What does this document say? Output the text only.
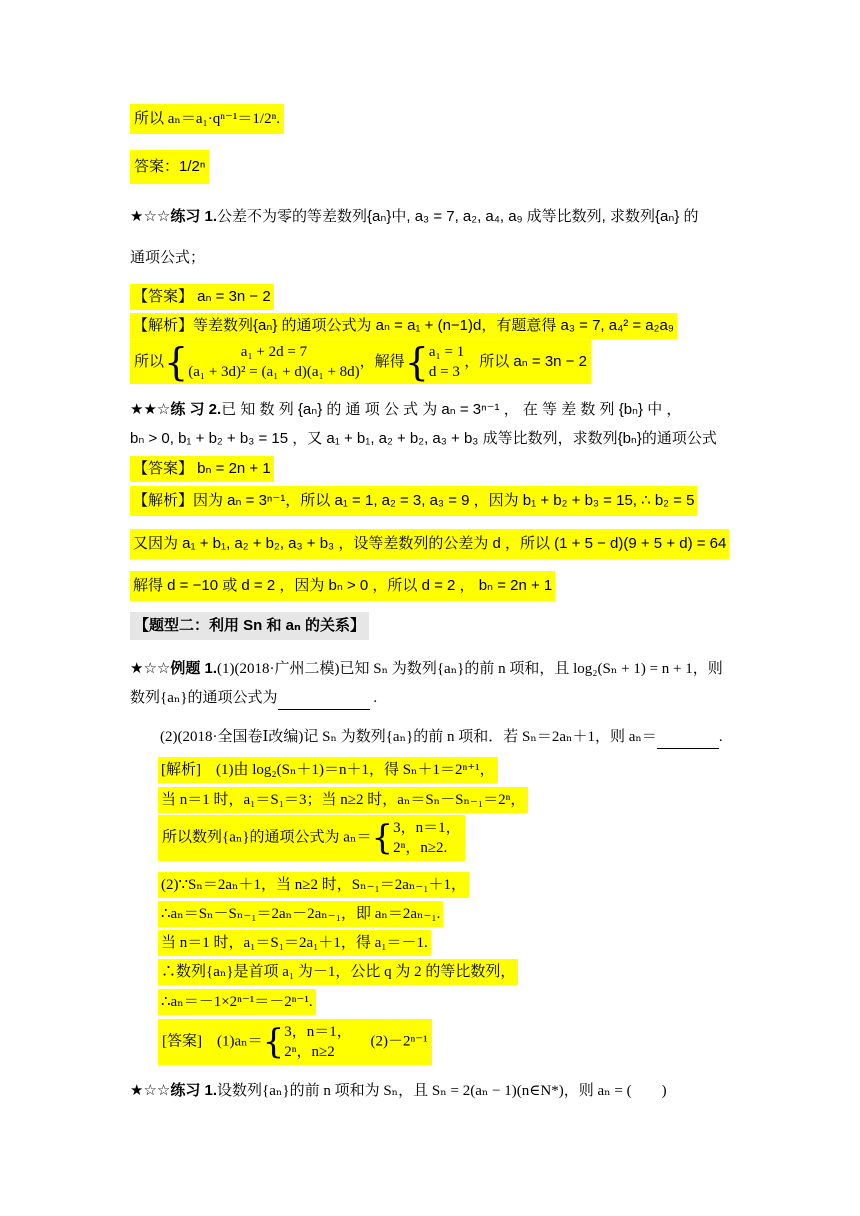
所以 aₙ＝a₁·qⁿ⁻¹＝1/2ⁿ.
答案：1/2ⁿ
★☆☆练习 1.公差不为零的等差数列{aₙ}中, a₃ = 7, a₂, a₄, a₉ 成等比数列, 求数列{aₙ} 的
通项公式；
【答案】 aₙ = 3n − 2
【解析】等差数列{aₙ} 的通项公式为 aₙ = a₁ + (n−1)d，有题意得 a₃ = 7, a₄² = a₂a₉
所以{	a₁ + 2d = 7
(a₁ + 3d)² = (a₁ + d)(a₁ + 8d)
，解得{ a₁ = 1
d = 3
，所以 aₙ = 3n − 2
★★☆练 习 2.已 知 数 列 {aₙ} 的 通 项 公 式 为 aₙ = 3ⁿ⁻¹ ， 在 等 差 数 列 {bₙ} 中 ，
bₙ > 0, b₁ + b₂ + b₃ = 15 ，又 a₁ + b₁, a₂ + b₂, a₃ + b₃ 成等比数列，求数列{bₙ}的通项公式
【答案】 bₙ = 2n + 1
【解析】因为 aₙ = 3ⁿ⁻¹，所以 a₁ = 1, a₂ = 3, a₃ = 9 ，因为 b₁ + b₂ + b₃ = 15, ∴ b₂ = 5
又因为 a₁ + b₁, a₂ + b₂, a₃ + b₃ ，设等差数列的公差为 d ，所以 (1 + 5 − d)(9 + 5 + d) = 64
解得 d = −10 或 d = 2 ，因为 bₙ > 0 ，所以 d = 2 ， bₙ = 2n + 1
【题型二：利用 Sn 和 aₙ 的关系】
★☆☆例题 1.(1)(2018·广州二模)已知 Sₙ 为数列{aₙ}的前 n 项和，且 log₂(Sₙ + 1) = n + 1，则
数列{aₙ}的通项公式为	.
(2)(2018·全国卷Ⅰ改编)记 Sₙ 为数列{aₙ}的前 n 项和．若 Sₙ＝2aₙ＋1，则 aₙ＝	.
[解析]　(1)由 log₂(Sₙ＋1)＝n＋1，得 Sₙ＋1＝2ⁿ⁺¹，
当 n＝1 时，a₁＝S₁＝3；当 n≥2 时，aₙ＝Sₙ－Sₙ₋₁＝2ⁿ，
所以数列{aₙ}的通项公式为 aₙ＝{ 3，n＝1，
2ⁿ，n≥2.
(2)∵Sₙ＝2aₙ＋1，当 n≥2 时，Sₙ₋₁＝2aₙ₋₁＋1，
∴aₙ＝Sₙ－Sₙ₋₁＝2aₙ－2aₙ₋₁，即 aₙ＝2aₙ₋₁.
当 n＝1 时，a₁＝S₁＝2a₁＋1，得 a₁＝－1.
∴数列{aₙ}是首项 a₁ 为－1，公比 q 为 2 的等比数列，
∴aₙ＝－1×2ⁿ⁻¹＝－2ⁿ⁻¹.
[答案]　(1)aₙ＝{ 3，n＝1，
2ⁿ，n≥2
(2)－2ⁿ⁻¹
★☆☆练习 1.设数列{aₙ}的前 n 项和为 Sₙ，且 Sₙ = 2(aₙ − 1)(n∈N*)，则 aₙ = (　　)
